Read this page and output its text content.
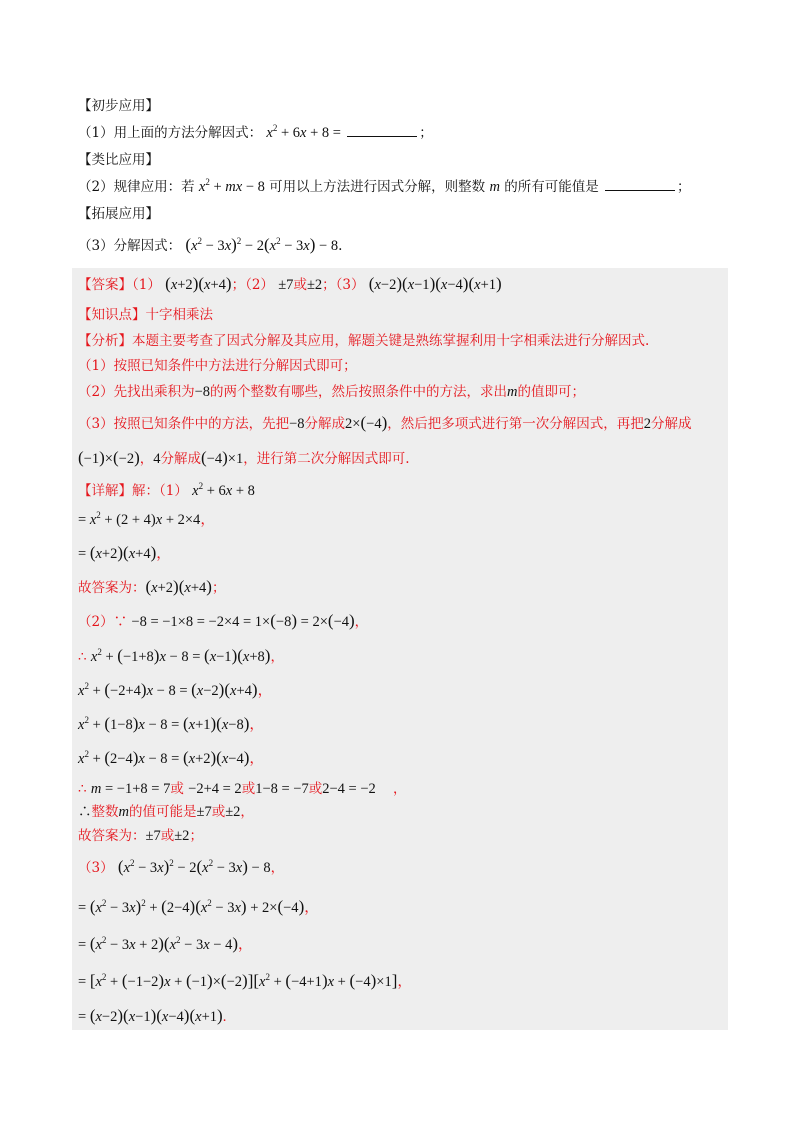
【初步应用】
（1）用上面的方法分解因式： $x^2 + 6x + 8$ =	；
【类比应用】
（2）规律应用：若 $x^2$ + mx − 8 可用以上方法进行因式分解，则整数 m 的所有可能值是	；
【拓展应用】
（3）分解因式： $(x^2 - 3x)^2 - 2(x^2 - 3x) - 8$.
【答案】（1） (x+2)(x+4)；（2） ±7或±2；（3） (x−2)(x−1)(x−4)(x+1)
【知识点】十字相乘法
【分析】本题主要考查了因式分解及其应用，解题关键是熟练掌握利用十字相乘法进行分解因式.
（1）按照已知条件中方法进行分解因式即可；
（2）先找出乘积为−8的两个整数有哪些，然后按照条件中的方法，求出m的值即可；
（3）按照已知条件中的方法，先把−8分解成2×(−4)，然后把多项式进行第一次分解因式，再把2分解成
(−1)×(−2)，4分解成(−4)×1，进行第二次分解因式即可.
【详解】解：（1） $x^2 + 6x + 8$
= $x^2 + (2 + 4)x + 2\times 4$，
= (x+2)(x+4)，
故答案为：(x+2)(x+4)；
（2）∵ −8 = −1×8 = −2×4 = 1×(−8) = 2×(−4)，
∴ $x^2 + (-1+8)x - 8 = (x-1)(x+8)$，
$x^2 + (-2+4)x - 8 = (x-2)(x+4)$，
$x^2 + (1-8)x - 8 = (x+1)(x-8)$，
$x^2 + (2-4)x - 8 = (x+2)(x-4)$，
∴ m = −1+8 = 7或 −2+4 = 2或1−8 = −7或2−4 = −2    ，
∴整数m的值可能是±7或±2，
故答案为：±7或±2；
（3） $(x^2 - 3x)^2 - 2(x^2 - 3x) - 8$，
= $(x^2 - 3x)^2 + (2-4)(x^2 - 3x) + 2\times(-4)$，
= $(x^2 - 3x + 2)(x^2 - 3x - 4)$，
= $[x^2 + (-1-2)x + (-1)\times(-2)][x^2 + (-4+1)x + (-4)\times 1]$，
= (x−2)(x−1)(x−4)(x+1).
